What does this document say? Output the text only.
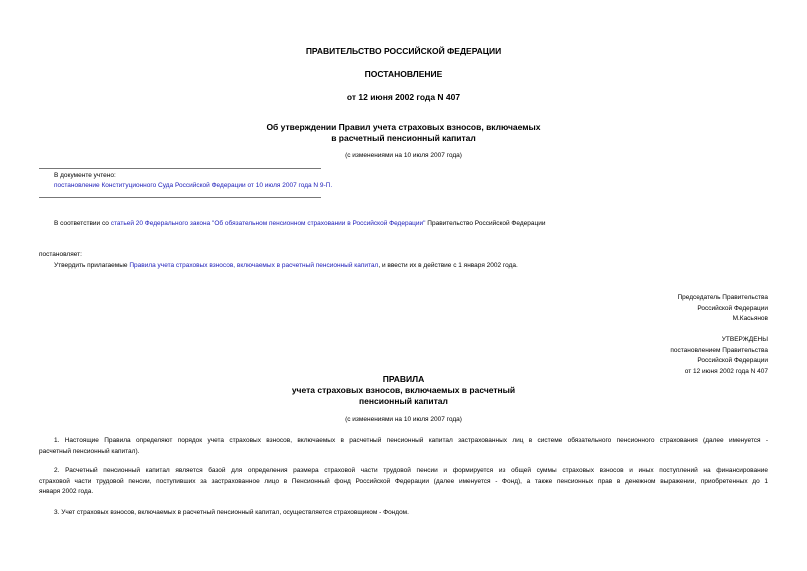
ПРАВИТЕЛЬСТВО РОССИЙСКОЙ ФЕДЕРАЦИИ
ПОСТАНОВЛЕНИЕ
от 12 июня 2002 года N 407
Об утверждении Правил учета страховых взносов, включаемых
в расчетный пенсионный капитал
(с изменениями на 10 июля 2007 года)
В документе учтено:
постановление Конституционного Суда Российской Федерации от 10 июля 2007 года N 9-П.
В соответствии со статьей 20 Федерального закона "Об обязательном пенсионном страховании в Российской Федерации" Правительство Российской Федерации
постановляет:
Утвердить прилагаемые Правила учета страховых взносов, включаемых в расчетный пенсионный капитал, и ввести их в действие с 1 января 2002 года.
Председатель Правительства
Российской Федерации
М.Касьянов
УТВЕРЖДЕНЫ
постановлением Правительства
Российской Федерации
от 12 июня 2002 года N 407
ПРАВИЛА
учета страховых взносов, включаемых в расчетный
пенсионный капитал
(с изменениями на 10 июля 2007 года)
1. Настоящие Правила определяют порядок учета страховых взносов, включаемых в расчетный пенсионный капитал застрахованных лиц в системе обязательного пенсионного страхования (далее именуется -
расчетный пенсионный капитал).
2. Расчетный пенсионный капитал является базой для определения размера страховой части трудовой пенсии и формируется из общей суммы страховых взносов и иных поступлений на финансирование
страховой части трудовой пенсии, поступивших за застрахованное лицо в Пенсионный фонд Российской Федерации (далее именуется - Фонд), а также пенсионных прав в денежном выражении, приобретенных до 1
января 2002 года.
3. Учет страховых взносов, включаемых в расчетный пенсионный капитал, осуществляется страховщиком - Фондом.
